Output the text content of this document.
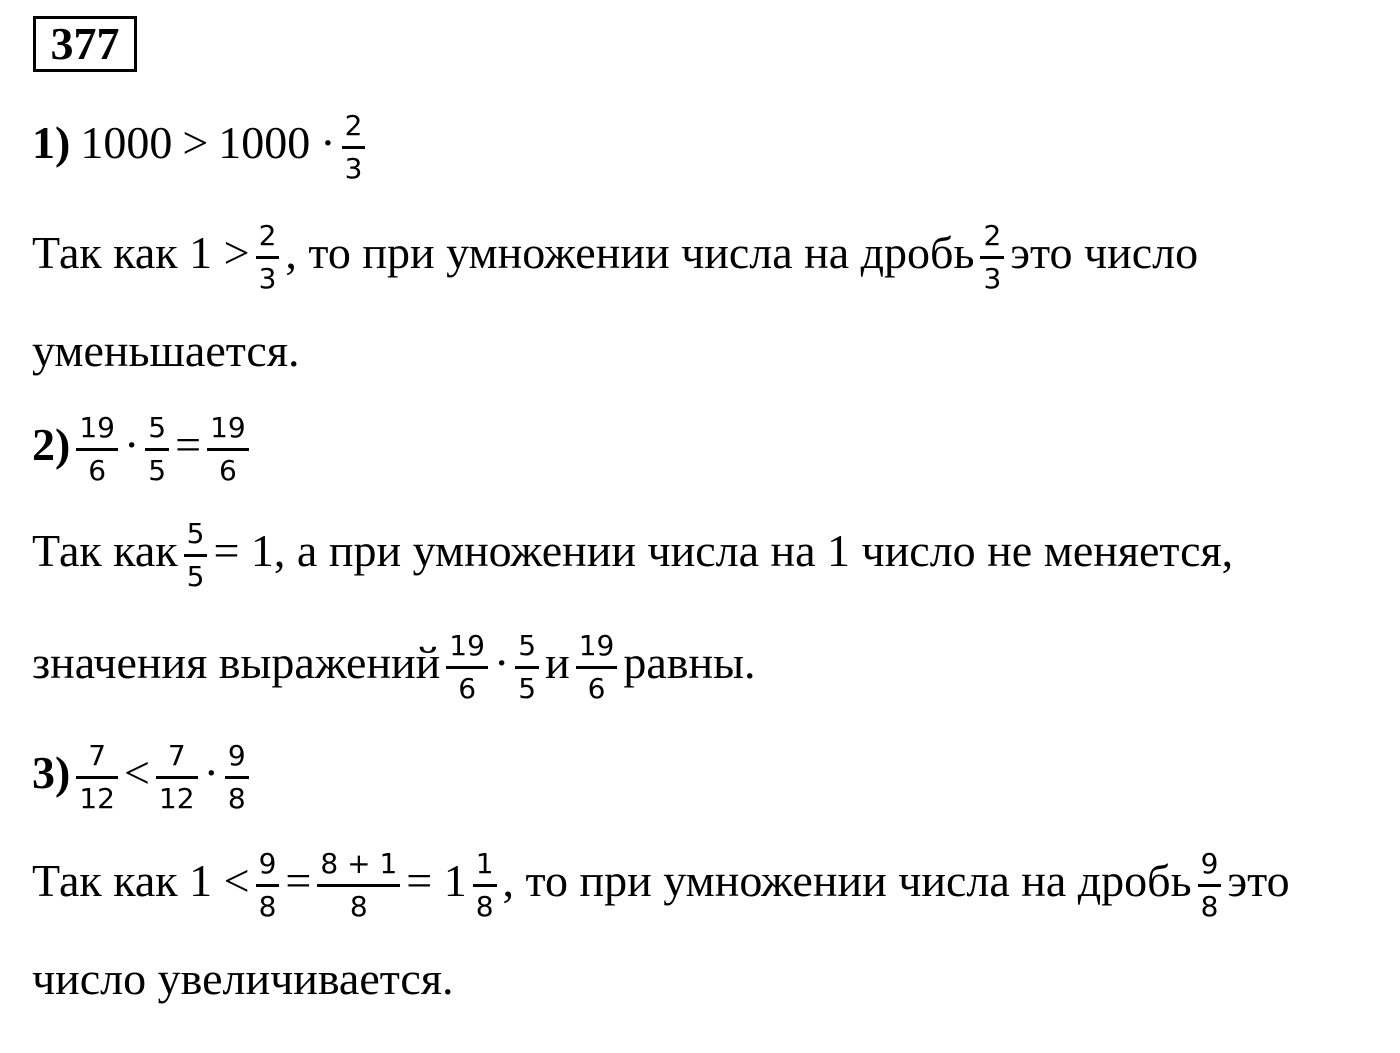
377
1) $1000 > 1000 \cdot \frac{2}{3}$
Так как $1 > \frac{2}{3}$ , то при умножении числа на дробь $\frac{2}{3}$ это число
уменьшается.
$2) \frac{19}{6} \cdot \frac{5}{5} = \frac{19}{6}$
Так как $\frac{5}{5} = 1$, а при умножении числа на 1 число не меняется,
значения выражений $\frac{19}{6} \cdot \frac{5}{5}$ и $\frac{19}{6}$ равны.
$3) \frac{7}{12} < \frac{7}{12} \cdot \frac{9}{8}$
Так как $1 < \frac{9}{8} = \frac{8 + 1}{8} = 1 \frac{1}{8}$ , то при умножении числа на дробь $\frac{9}{8}$ это
число увеличивается.
